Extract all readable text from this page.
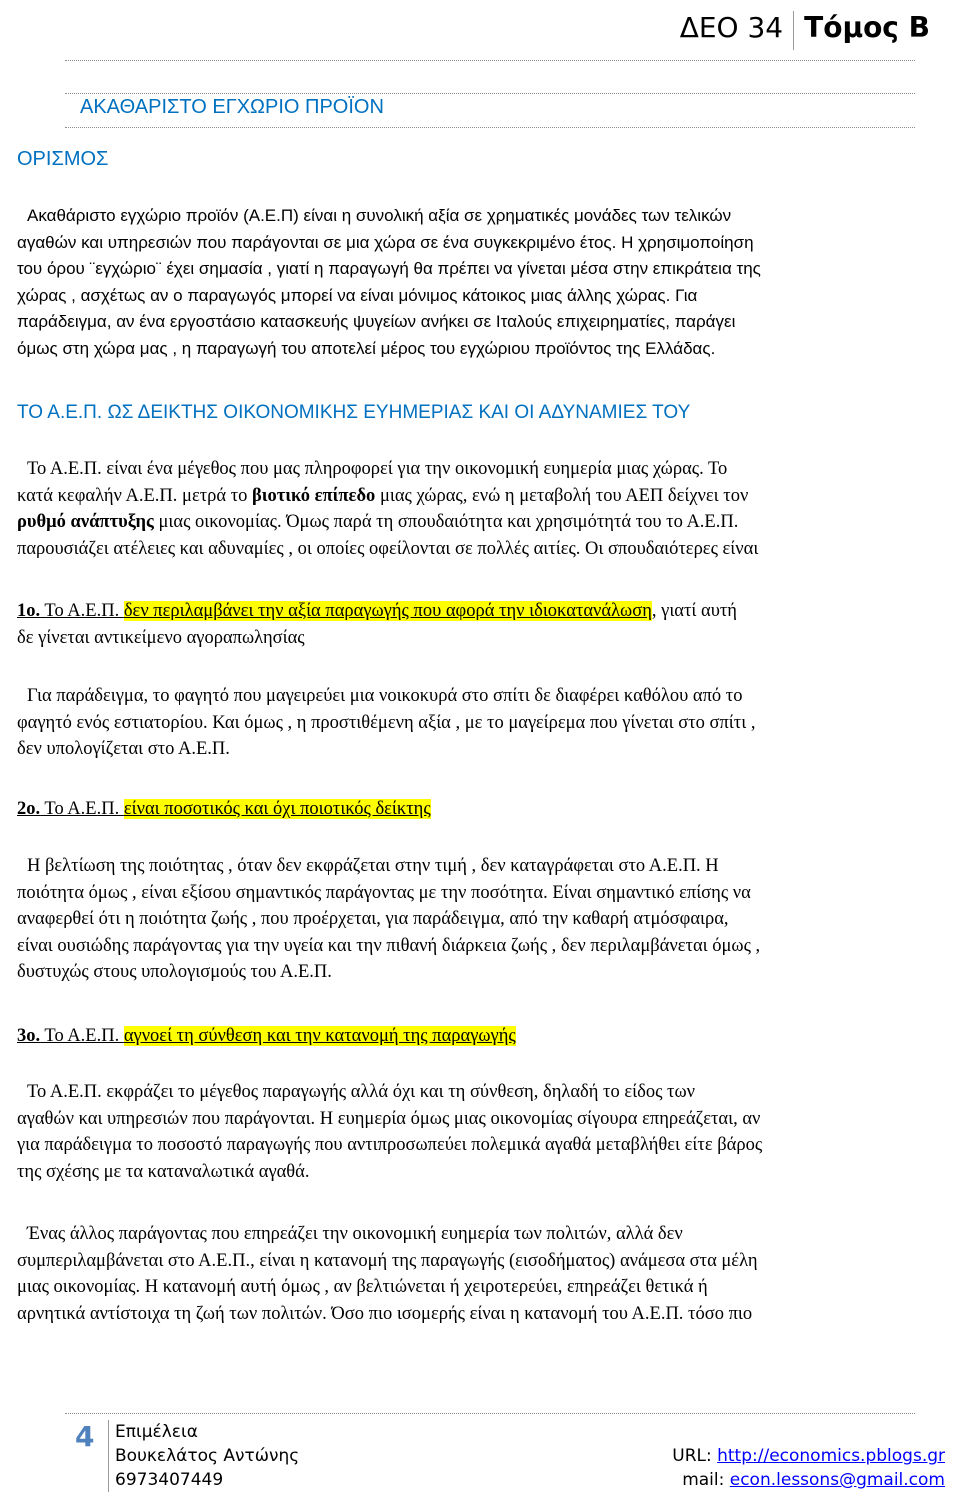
ΔΕΟ 34 Τόμος Β
ΑΚΑΘΑΡΙΣΤΟ ΕΓΧΩΡΙΟ ΠΡΟΪΟΝ
ΟΡΙΣΜΟΣ
Ακαθάριστο εγχώριο προϊόν (Α.Ε.Π) είναι η συνολική αξία σε χρηματικές μονάδες των τελικών
αγαθών και υπηρεσιών που παράγονται σε μια χώρα σε ένα συγκεκριμένο έτος. Η χρησιμοποίηση
του όρου ¨εγχώριο¨ έχει σημασία , γιατί η παραγωγή θα πρέπει να γίνεται μέσα στην επικράτεια της
χώρας , ασχέτως αν ο παραγωγός μπορεί να είναι μόνιμος κάτοικος μιας άλλης χώρας. Για
παράδειγμα, αν ένα εργοστάσιο κατασκευής ψυγείων ανήκει σε Ιταλούς επιχειρηματίες, παράγει
όμως στη χώρα μας , η παραγωγή του αποτελεί μέρος του εγχώριου προϊόντος της Ελλάδας.
ΤΟ Α.Ε.Π. ΩΣ ΔΕΙΚΤΗΣ ΟΙΚΟΝΟΜΙΚΗΣ ΕΥΗΜΕΡΙΑΣ ΚΑΙ ΟΙ ΑΔΥΝΑΜΙΕΣ ΤΟΥ
Το Α.Ε.Π. είναι ένα μέγεθος που μας πληροφορεί για την οικονομική ευημερία μιας χώρας. Το
κατά κεφαλήν Α.Ε.Π. μετρά το βιοτικό επίπεδο μιας χώρας, ενώ η μεταβολή του ΑΕΠ δείχνει τον
ρυθμό ανάπτυξης μιας οικονομίας. Όμως παρά τη σπουδαιότητα και χρησιμότητά του το Α.Ε.Π.
παρουσιάζει ατέλειες και αδυναμίες , οι οποίες οφείλονται σε πολλές αιτίες. Οι σπουδαιότερες είναι
1ο. Το Α.Ε.Π. δεν περιλαμβάνει την αξία παραγωγής που αφορά την ιδιοκατανάλωση, γιατί αυτή
δε γίνεται αντικείμενο αγοραπωλησίας
Για παράδειγμα, το φαγητό που μαγειρεύει μια νοικοκυρά στο σπίτι δε διαφέρει καθόλου από το
φαγητό ενός εστιατορίου. Και όμως , η προστιθέμενη αξία , με το μαγείρεμα που γίνεται στο σπίτι ,
δεν υπολογίζεται στο Α.Ε.Π.
2ο. Το Α.Ε.Π. είναι ποσοτικός και όχι ποιοτικός δείκτης
Η βελτίωση της ποιότητας , όταν δεν εκφράζεται στην τιμή , δεν καταγράφεται στο Α.Ε.Π. Η
ποιότητα όμως , είναι εξίσου σημαντικός παράγοντας με την ποσότητα. Είναι σημαντικό επίσης να
αναφερθεί ότι η ποιότητα ζωής , που προέρχεται, για παράδειγμα, από την καθαρή ατμόσφαιρα,
είναι ουσιώδης παράγοντας για την υγεία και την πιθανή διάρκεια ζωής , δεν περιλαμβάνεται όμως ,
δυστυχώς στους υπολογισμούς του Α.Ε.Π.
3ο. Το Α.Ε.Π. αγνοεί τη σύνθεση και την κατανομή της παραγωγής
Το Α.Ε.Π. εκφράζει το μέγεθος παραγωγής αλλά όχι και τη σύνθεση, δηλαδή το είδος των
αγαθών και υπηρεσιών που παράγονται. Η ευημερία όμως μιας οικονομίας σίγουρα επηρεάζεται, αν
για παράδειγμα το ποσοστό παραγωγής που αντιπροσωπεύει πολεμικά αγαθά μεταβλήθει είτε βάρος
της σχέσης με τα καταναλωτικά αγαθά.
Ένας άλλος παράγοντας που επηρεάζει την οικονομική ευημερία των πολιτών, αλλά δεν
συμπεριλαμβάνεται στο Α.Ε.Π., είναι η κατανομή της παραγωγής (εισοδήματος) ανάμεσα στα μέλη
μιας οικονομίας. Η κατανομή αυτή όμως , αν βελτιώνεται ή χειροτερεύει, επηρεάζει θετικά ή
αρνητικά αντίστοιχα τη ζωή των πολιτών. Όσο πιο ισομερής είναι η κατανομή του Α.Ε.Π. τόσο πιο
4 Επιμέλεια
Βουκελάτος Αντώνης
6973407449
URL: http://economics.pblogs.gr
mail: econ.lessons@gmail.com
